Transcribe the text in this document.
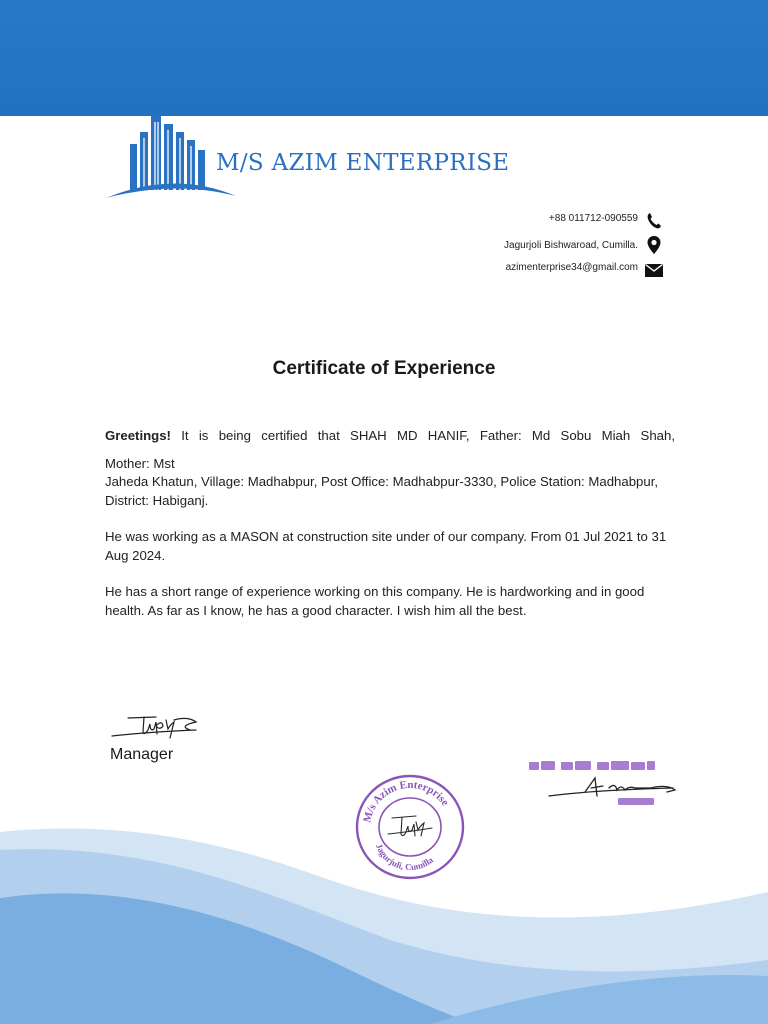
M/S AZIM ENTERPRISE
+88 011712-090559
Jagurjoli Bishwaroad, Cumilla.
azimenterprise34@gmail.com
Certificate of Experience
Greetings! It is being certified that SHAH MD HANIF, Father: Md Sobu Miah Shah,
Mother: Mst
Jaheda Khatun, Village: Madhabpur, Post Office: Madhabpur-3330, Police Station: Madhabpur, District: Habiganj.
He was working as a MASON at construction site under of our company. From 01 Jul 2021 to 31 Aug 2024.
He has a short range of experience working on this company. He is hardworking and in good health. As far as I know, he has a good character. I wish him all the best.
Manager
M/s Azim Enterprise
Jagurjuli, Cumilla
